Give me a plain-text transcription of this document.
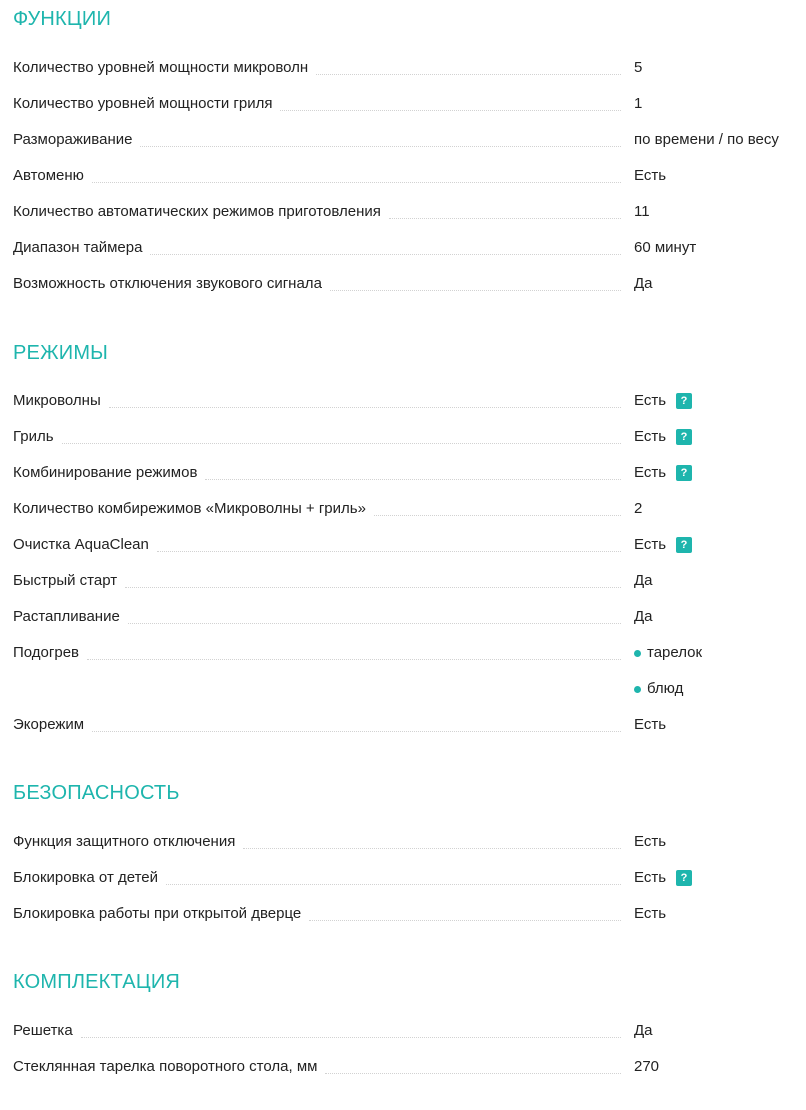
ФУНКЦИИ
Количество уровней мощности микроволн	5
Количество уровней мощности гриля	1
Размораживание	по времени / по весу
Автоменю	Есть
Количество автоматических режимов приготовления	11
Диапазон таймера	60 минут
Возможность отключения звукового сигнала	Да
РЕЖИМЫ
Микроволны	Есть	?
Гриль	Есть	?
Комбинирование режимов	Есть	?
Количество комбирежимов «Микроволны + гриль»	2
Очистка AquaClean	Есть	?
Быстрый старт	Да
Растапливание	Да
Подогрев	тарелок
блюд
Экорежим	Есть
БЕЗОПАСНОСТЬ
Функция защитного отключения	Есть
Блокировка от детей	Есть	?
Блокировка работы при открытой дверце	Есть
КОМПЛЕКТАЦИЯ
Решетка	Да
Стеклянная тарелка поворотного стола, мм	270
